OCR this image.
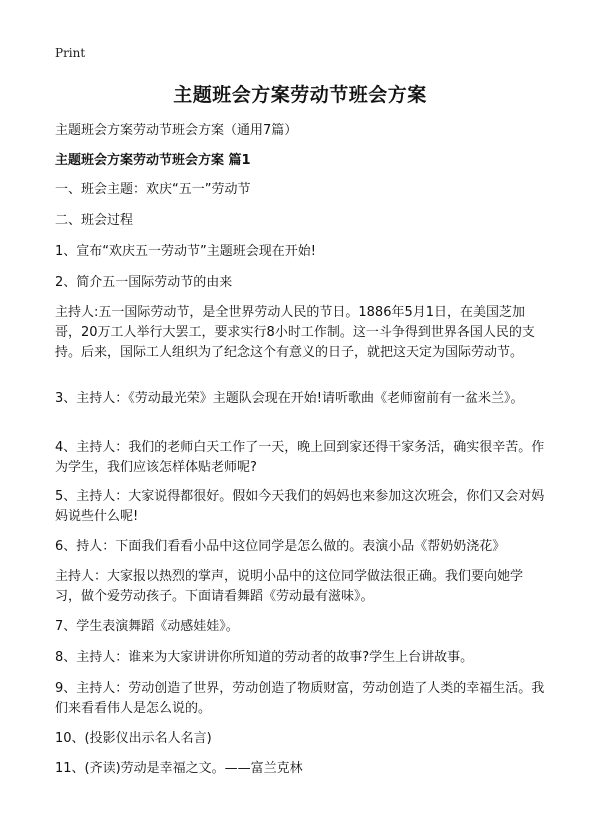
Print
主题班会方案劳动节班会方案
主题班会方案劳动节班会方案（通用7篇）
主题班会方案劳动节班会方案 篇1
一、班会主题：欢庆“五一”劳动节
二、班会过程
1、宣布“欢庆五一劳动节”主题班会现在开始!
2、简介五一国际劳动节的由来
主持人:五一国际劳动节，是全世界劳动人民的节日。1886年5月1日，在美国芝加哥，20万工人举行大罢工，要求实行8小时工作制。这一斗争得到世界各国人民的支持。后来，国际工人组织为了纪念这个有意义的日子，就把这天定为国际劳动节。
3、主持人：《劳动最光荣》主题队会现在开始!请听歌曲《老师窗前有一盆米兰》。
4、主持人：我们的老师白天工作了一天，晚上回到家还得干家务活，确实很辛苦。作为学生，我们应该怎样体贴老师呢?
5、主持人：大家说得都很好。假如今天我们的妈妈也来参加这次班会，你们又会对妈妈说些什么呢!
6、持人：下面我们看看小品中这位同学是怎么做的。表演小品《帮奶奶浇花》
主持人：大家报以热烈的掌声，说明小品中的这位同学做法很正确。我们要向她学习，做个爱劳动孩子。下面请看舞蹈《劳动最有滋味》。
7、学生表演舞蹈《动感娃娃》。
8、主持人：谁来为大家讲讲你所知道的劳动者的故事?学生上台讲故事。
9、主持人：劳动创造了世界，劳动创造了物质财富，劳动创造了人类的幸福生活。我们来看看伟人是怎么说的。
10、(投影仪出示名人名言)
11、(齐读)劳动是幸福之文。——富兰克林
